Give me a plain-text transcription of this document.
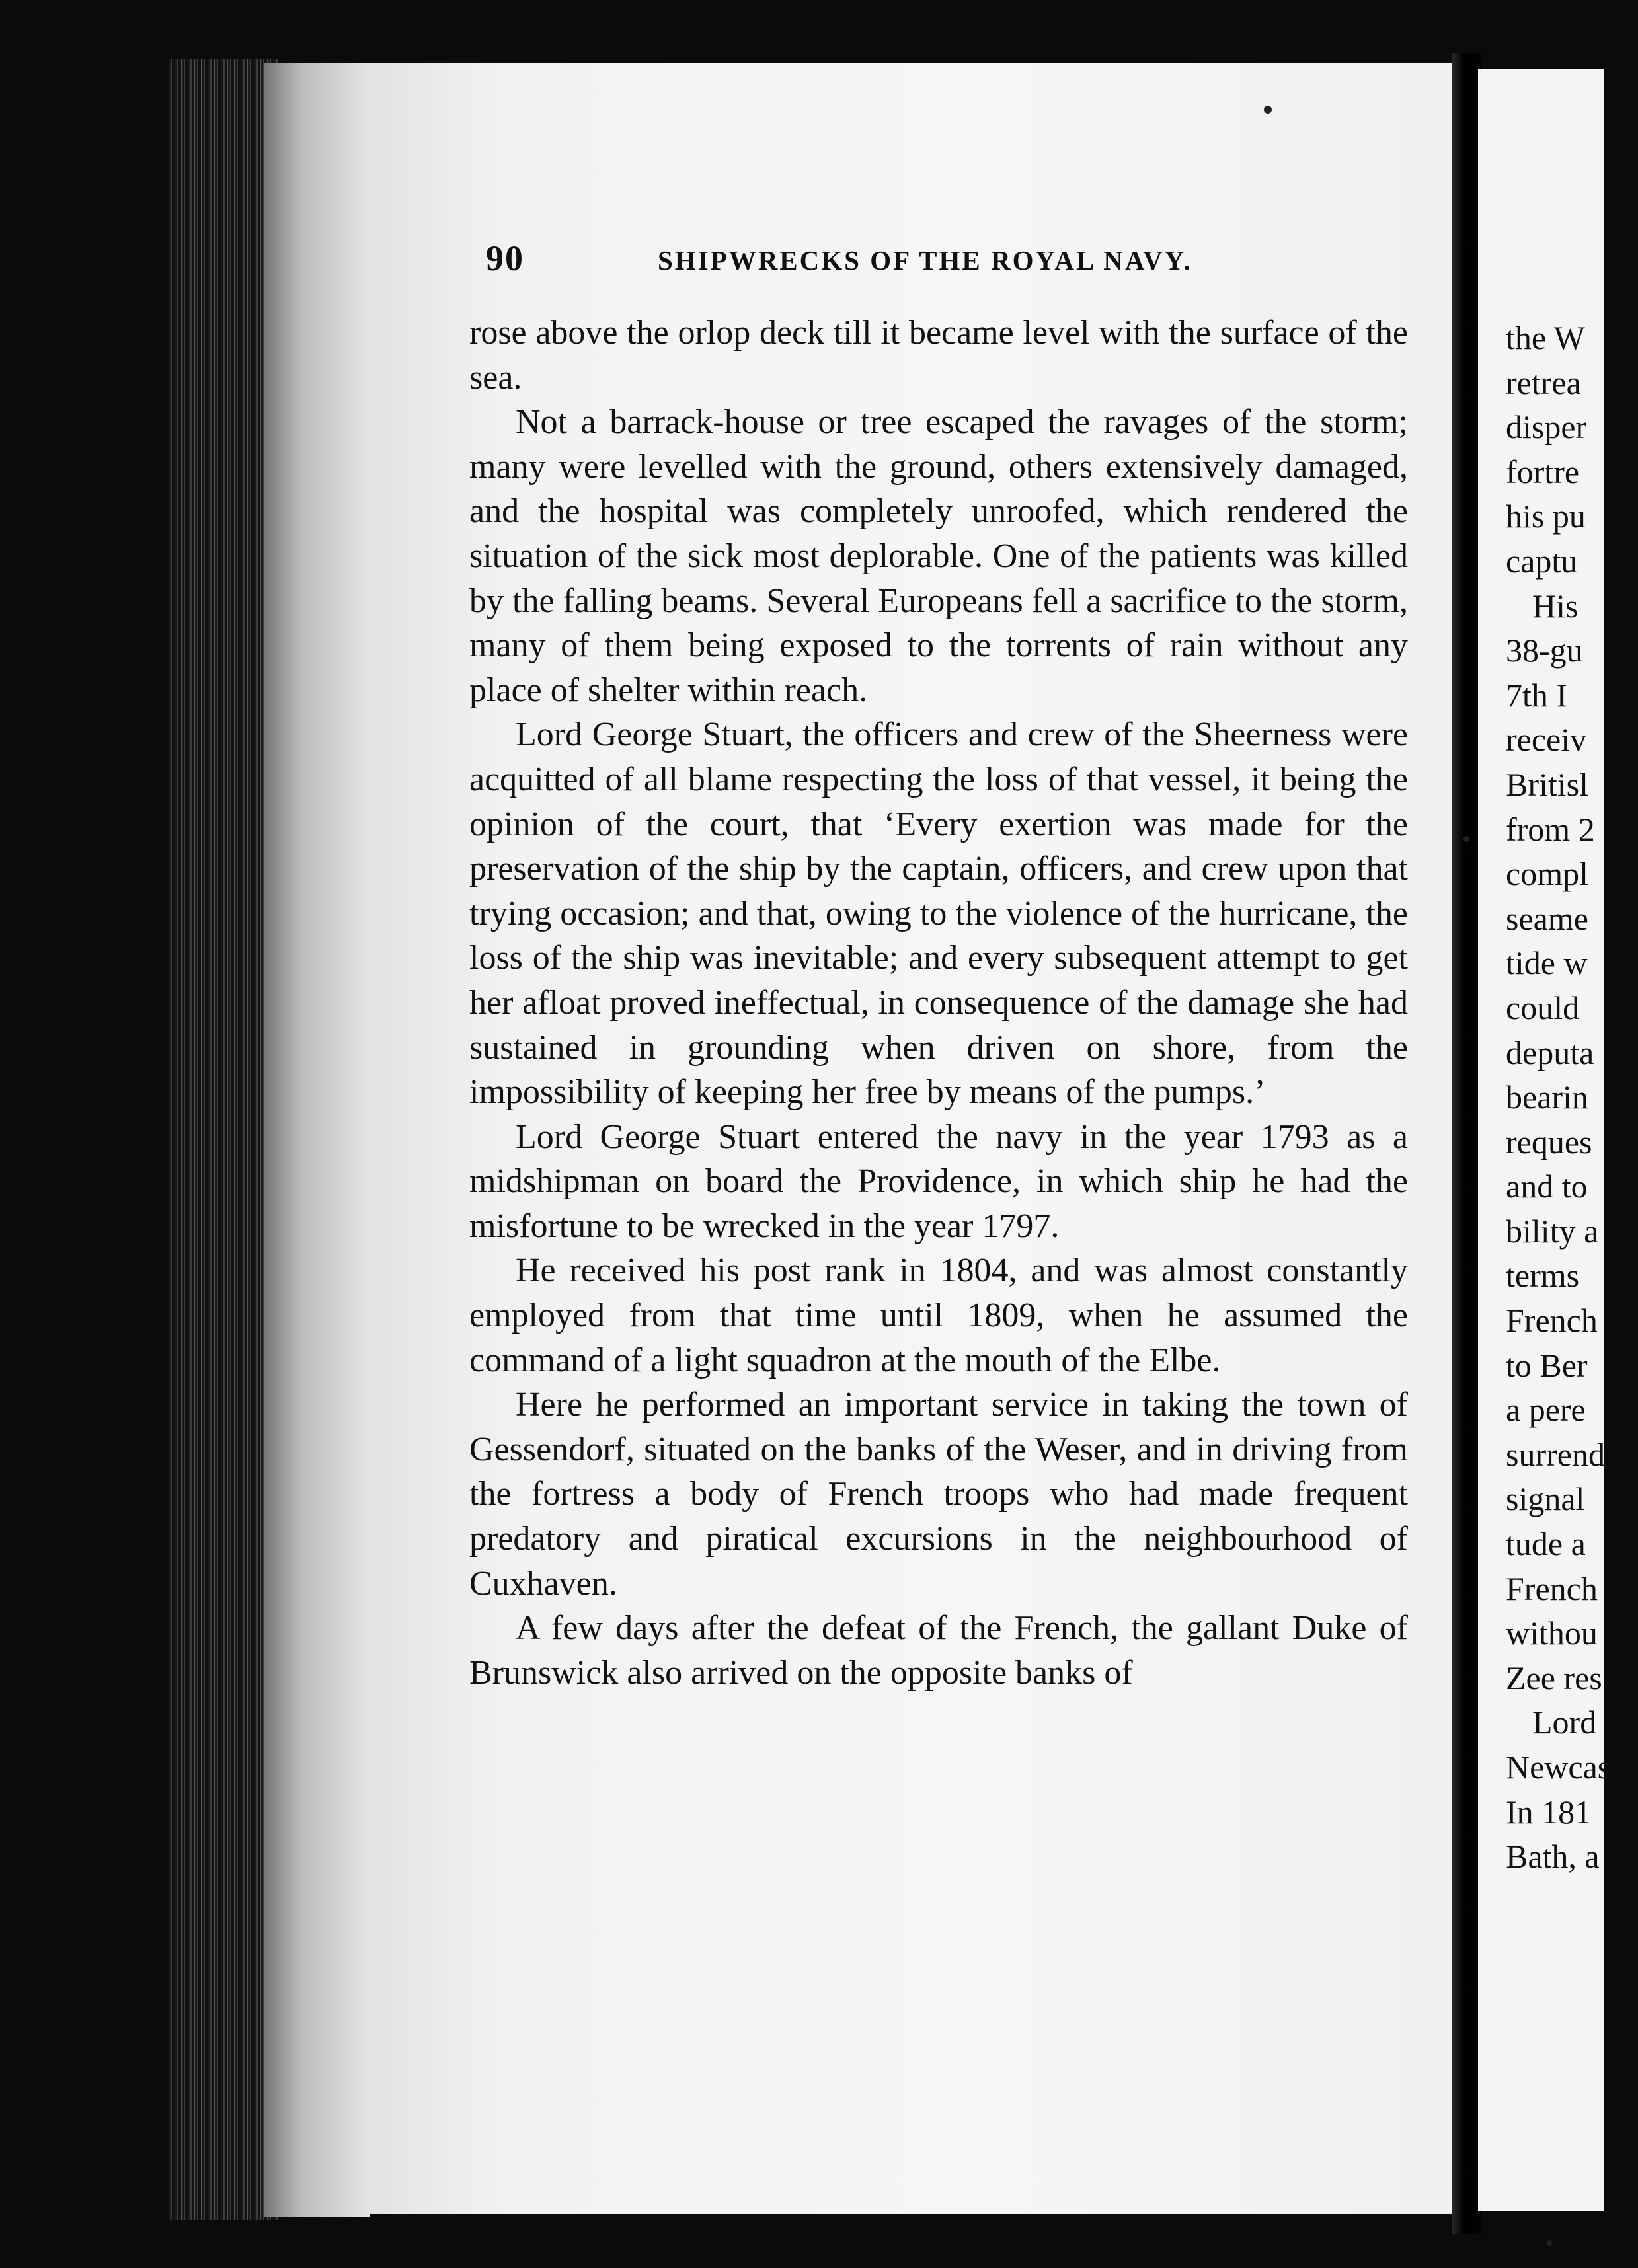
90	SHIPWRECKS OF THE ROYAL NAVY.

rose above the orlop deck till it became level with the surface of the sea.

Not a barrack-house or tree escaped the ravages of the storm; many were levelled with the ground, others extensively damaged, and the hospital was completely unroofed, which rendered the situation of the sick most deplorable. One of the patients was killed by the falling beams. Several Europeans fell a sacrifice to the storm, many of them being exposed to the torrents of rain without any place of shelter within reach.

Lord George Stuart, the officers and crew of the Sheerness were acquitted of all blame respecting the loss of that vessel, it being the opinion of the court, that ‘Every exertion was made for the preservation of the ship by the captain, officers, and crew upon that trying occasion; and that, owing to the violence of the hurricane, the loss of the ship was inevitable; and every subsequent attempt to get her afloat proved ineffectual, in consequence of the damage she had sustained in grounding when driven on shore, from the impossibility of keeping her free by means of the pumps.’

Lord George Stuart entered the navy in the year 1793 as a midshipman on board the Providence, in which ship he had the misfortune to be wrecked in the year 1797.

He received his post rank in 1804, and was almost constantly employed from that time until 1809, when he assumed the command of a light squadron at the mouth of the Elbe.

Here he performed an important service in taking the town of Gessendorf, situated on the banks of the Weser, and in driving from the fortress a body of French troops who had made frequent predatory and piratical excursions in the neighbourhood of Cuxhaven.

A few days after the defeat of the French, the gallant Duke of Brunswick also arrived on the opposite banks of

the W
retrea
disper
fortre
his pu
captu
His
38-gu
7th I
receiv
Britisl
from 2
compl
seame
tide w
could
deputa
bearin
reques
and to
bility a
terms
French
to Ber
a pere
surrend
signal
tude a
French
withou
Zee res
Lord
Newcas
In 181
Bath, a
